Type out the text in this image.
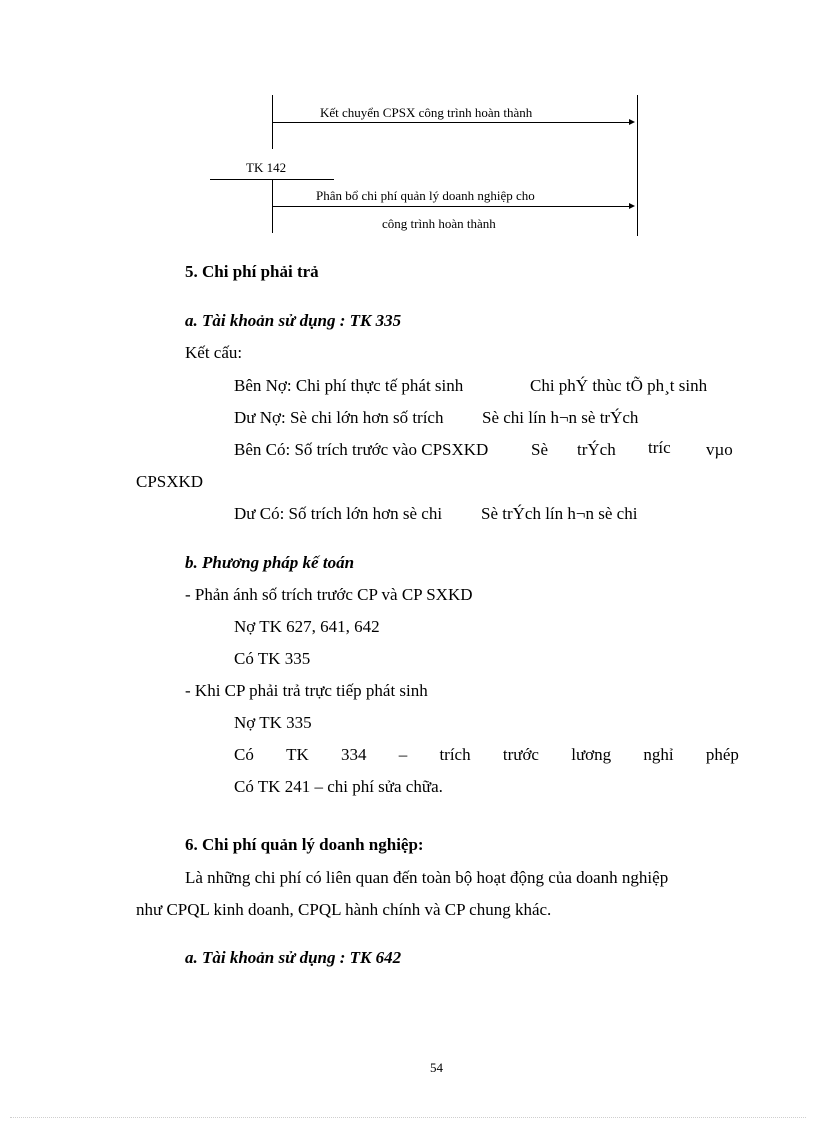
Kết chuyển CPSX công trình hoàn thành
TK 142
Phân bổ chi phí quản lý doanh nghiệp cho
công trình hoàn thành
5. Chi phí phải trả
a. Tài khoản sử dụng : TK 335
Kết cấu:
Bên Nợ: Chi phí thực tế phát sinh	Chi phÝ thùc tÕ ph¸t sinh
Dư Nợ: Sè chi lớn hơn số trích Sè chi lín h¬n sè trÝch
Bên Có: Số trích trước vào CPSXKD	Sè trÝch tríc vµo
CPSXKD
Dư Có: Số trích lớn hơn sè chi Sè trÝch lín h¬n sè chi
b. Phương pháp kế toán
- Phản ánh số trích trước CP và CP SXKD
Nợ TK 627, 641, 642
Có TK 335
- Khi CP phải trả trực tiếp phát sinh
Nợ TK 335
Có TK 334 – trích trước lương nghỉ phép
Có TK 241 – chi phí sửa chữa.
6. Chi phí quản lý doanh nghiệp:
Là những chi phí có liên quan đến toàn bộ hoạt động của doanh nghiệp
như CPQL kinh doanh, CPQL hành chính và CP chung khác.
a. Tài khoản sử dụng : TK 642
54
